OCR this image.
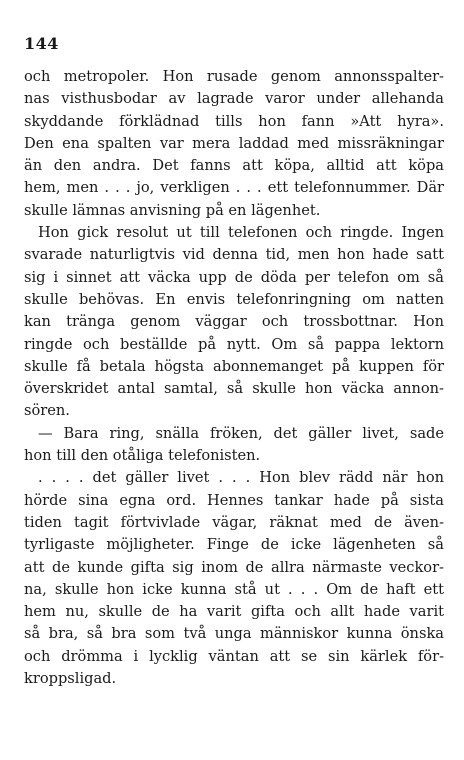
144
och metropoler. Hon rusade genom annonsspalter-
nas visthusbodar av lagrade varor under allehanda
skyddande förklädnad tills hon fann »Att hyra».
Den ena spalten var mera laddad med missräkningar
än den andra. Det fanns att köpa, alltid att köpa
hem, men . . . jo, verkligen . . . ett telefonnummer. Där
skulle lämnas anvisning på en lägenhet.
Hon gick resolut ut till telefonen och ringde. Ingen
svarade naturligtvis vid denna tid, men hon hade satt
sig i sinnet att väcka upp de döda per telefon om så
skulle behövas. En envis telefonringning om natten
kan tränga genom väggar och trossbottnar. Hon
ringde och beställde på nytt. Om så pappa lektorn
skulle få betala högsta abonnemanget på kuppen för
överskridet antal samtal, så skulle hon väcka annon-
sören.
— Bara ring, snälla fröken, det gäller livet, sade
hon till den otåliga telefonisten.
. . . . det gäller livet . . . Hon blev rädd när hon
hörde sina egna ord. Hennes tankar hade på sista
tiden tagit förtvivlade vägar, räknat med de även-
tyrligaste möjligheter. Finge de icke lägenheten så
att de kunde gifta sig inom de allra närmaste veckor-
na, skulle hon icke kunna stå ut . . . Om de haft ett
hem nu, skulle de ha varit gifta och allt hade varit
så bra, så bra som två unga människor kunna önska
och drömma i lycklig väntan att se sin kärlek för-
kroppsligad.
